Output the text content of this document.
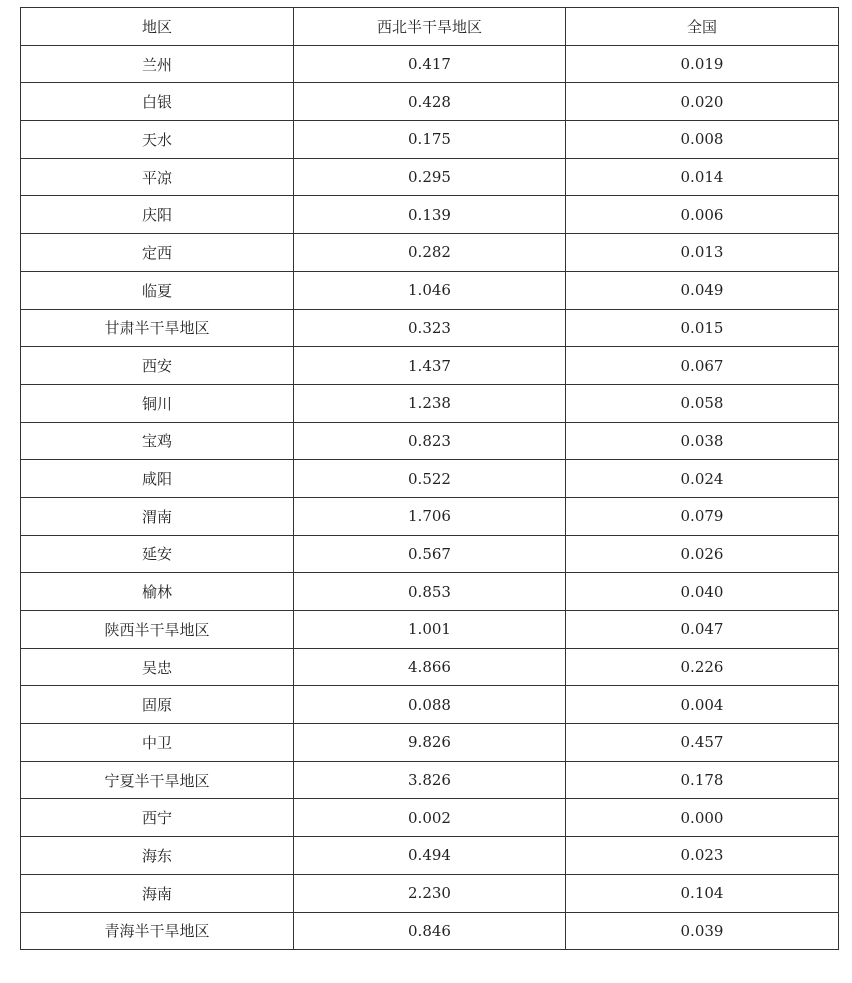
地区	西北半干旱地区	全国
兰州	0.417	0.019
白银	0.428	0.020
天水	0.175	0.008
平凉	0.295	0.014
庆阳	0.139	0.006
定西	0.282	0.013
临夏	1.046	0.049
甘肃半干旱地区	0.323	0.015
西安	1.437	0.067
铜川	1.238	0.058
宝鸡	0.823	0.038
咸阳	0.522	0.024
渭南	1.706	0.079
延安	0.567	0.026
榆林	0.853	0.040
陕西半干旱地区	1.001	0.047
吴忠	4.866	0.226
固原	0.088	0.004
中卫	9.826	0.457
宁夏半干旱地区	3.826	0.178
西宁	0.002	0.000
海东	0.494	0.023
海南	2.230	0.104
青海半干旱地区	0.846	0.039
